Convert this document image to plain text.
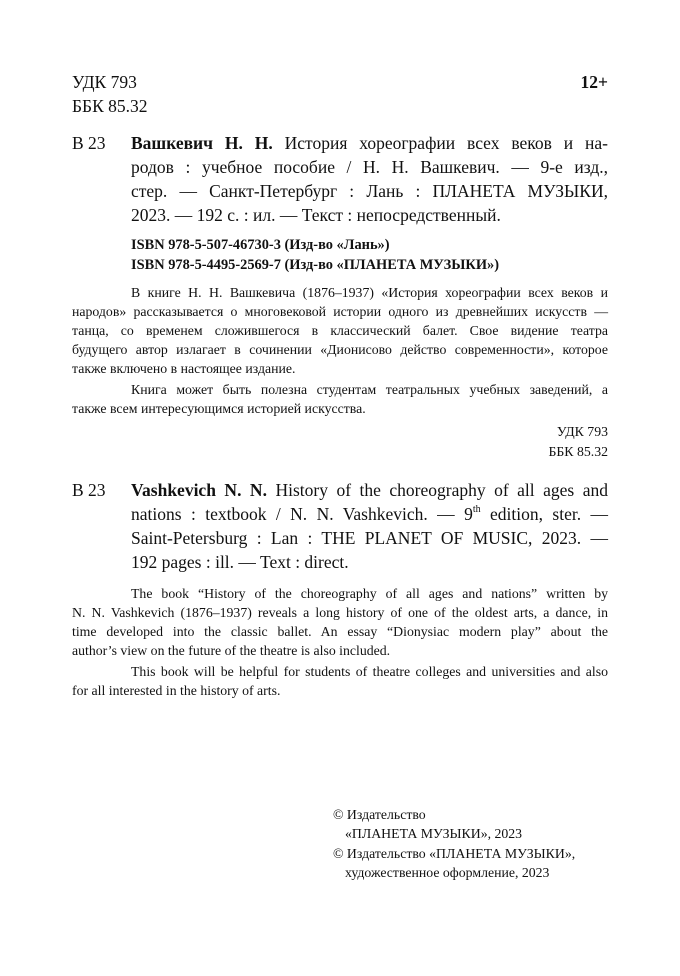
УДК 793
ББК 85.32
12+
В 23 Вашкевич Н. Н. История хореографии всех веков и на-
родов : учебное пособие / Н. Н. Вашкевич. — 9-е изд.,
стер. — Санкт-Петербург : Лань : ПЛАНЕТА МУЗЫКИ,
2023. — 192 с. : ил. — Текст : непосредственный.
ISBN 978-5-507-46730-3 (Изд-во «Лань»)
ISBN 978-5-4495-2569-7 (Изд-во «ПЛАНЕТА МУЗЫКИ»)
В книге Н. Н. Вашкевича (1876–1937) «История хореографии всех веков и
народов» рассказывается о многовековой истории одного из древнейших искусств —
танца, со временем сложившегося в классический балет. Свое видение театра
будущего автор излагает в сочинении «Дионисово действо современности», которое
также включено в настоящее издание.
Книга может быть полезна студентам театральных учебных заведений, а
также всем интересующимся историей искусства.
УДК 793
ББК 85.32
В 23 Vashkevich N. N. History of the choreography of all ages and
nations : textbook / N. N. Vashkevich. — 9th edition, ster. —
Saint-Petersburg : Lan : THE PLANET OF MUSIC, 2023. —
192 pages : ill. — Text : direct.
The book “History of the choreography of all ages and nations” written by
N. N. Vashkevich (1876–1937) reveals a long history of one of the oldest arts, a dance, in
time developed into the classic ballet. An essay “Dionysiac modern play” about the
author’s view on the future of the theatre is also included.
This book will be helpful for students of theatre colleges and universities and also
for all interested in the history of arts.
© Издательство
«ПЛАНЕТА МУЗЫКИ», 2023
© Издательство «ПЛАНЕТА МУЗЫКИ»,
художественное оформление, 2023
